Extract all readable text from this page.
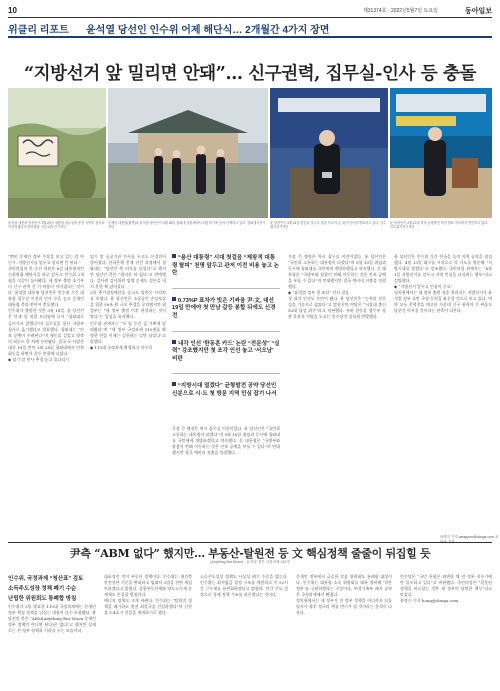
10	제31374호 · 2022년5월7일 토요일	동아일보
위클리 리포트 윤석열 당선인 인수위 어제 해단식… 2개월간 4가지 장면
“지방선거 앞 밀리면 안돼”… 신구권력, 집무실-인사 등 충돌
윤석열 대통령 당선인이 3월 20일 대통령 집무실을 용산 국방부 청사로 이전하겠다고 발표했다. 인수위사진기자단
문재인 대통령(왼쪽)과 윤석열 당선인이 3월 28일 청와대 상춘재에서 회동하기에 앞서 산책하고 있다. 청와대사진기자단
윤 당선인이 4월 14일 한동훈 법무부 장관 후보자 등 내각 인선을 발표하고 있다. 인수위사진기자단
윤 당선인이 4월 13일 지역 균형발전 비전 발표 자리에서 발언하고 있다. 인수위사진기자단

“뻔히 문재인 정부 주장을 보고 있는 것 아닌가. 지방선거를 앞두고 밀리면 안 된다.”

국민의힘의 한 중진 의원은 6일 대통령직인수위원회 해단식을 하루 앞두고 인수위 2개월을 이같이 돌아봤다. 새 정부 출범 초기부터 신구 권력 간 기 싸움이 이어졌다는 것이다. 윤석열 대통령 당선인은 인수위 기간 대통령 집무실 이전과 인사 등을 놓고 문재인 대통령 측과 연이어 충돌했다.

인수위가 출범한 것은 3월 18일. 윤 당선인은 닷새 뒤 직접 브리핑에 나서 “청와대로 들어가지 않겠다”며 집무실을 용산 국방부 청사로 옮기겠다고 발표했다. 청와대는 “안보 공백이 우려된다”며 제동을 걸었고 양측의 회동도 한 차례 무산됐다. 결국 두 사람은 대선 19일 만인 3월 28일 청와대에서 만찬 회동을 하면서 갈등 봉합에 나섰다.

◆ 임기 말 인사·추경 놓고 줄다리기

임기 말 공공기관 인사를 두고도 신경전이 벌어졌다. 한국은행 총재 인선 과정에서 청와대는 “당선인 측 의사를 물었다”고 했지만 당선인 측은 “협의한 바 없다”고 반박했다. 감사원 감사위원 임명 문제도 결론을 내지 못한 채 넘어갔다.

2차 추가경정예산을 놓고도 양측은 시각차를 보였다. 윤 당선인은 소상공인 손실보상을 위한 50조 원 규모 추경을 공약했지만 현 정부는 “새 정부 출범 이후 편성하는 것이 맞다”는 입장을 유지했다.

인수위 관계자는 “두 달 동안 숨 가쁘게 달려왔다”며 “새 정부 국정과제 110개를 확정한 만큼 이제는 실천하는 일만 남았다”고 말했다.

◆ 110대 국정과제 확정하고 마무리

“용산 대통령” 시대 첫걸음 “제왕적 대통령 탈피” 천명 앞두고 관저 이전 비용 놓고 논란
0.73%P 표차가 빚은 기싸움 尹-文, 대선 19일 만에야 첫 만남 갈등 봉합 뒤에도 신경전
내각 인선 ‘한동훈 카드’ 논란 “전문성” “실력” 강조했지만 첫 조각 인선 놓고 ‘서오남’ 비판
“지방시대 열겠다” 균형발전 공약 당선인 신분으로 시·도 첫 방문 지역 민심 잡기 나서

가장 큰 쟁점은 역시 집무실 이전이었다. 윤 당선인은 “국민과 소통하는 대통령이 되겠다”며 5월 10일 취임과 동시에 청와대를 국민에게 개방하겠다고 약속했다. 문 대통령은 “국방부와 합참이 연쇄 이동하는 것은 안보 공백을 부를 수 있다”며 반대했지만 결국 예비비 지출을 의결했다.

가장 큰 쟁점은 역시 집무실 이전이었다. 윤 당선인은 “국민과 소통하는 대통령이 되겠다”며 5월 10일 취임과 동시에 청와대를 국민에게 개방하겠다고 약속했다. 문 대통령은 “국방부와 합참이 연쇄 이동하는 것은 안보 공백을 부를 수 있다”며 반대했지만 결국 예비비 지출을 의결했다.

◆ “윤석열 정부 첫 조각” 인사 잡음

첫 내각 인선도 논란이 됐다. 윤 당선인은 “능력과 전문성을 기준으로 삼았다”고 밝혔지만 야당은 “서울대 출신 50대 남성 위주”라고 비판했다. 특히 한동훈 법무부 장관 후보자 지명을 두고는 민주당이 강하게 반발했다.

윤 당선인은 인수위 기간 전국을 돌며 지역 공약을 점검했다. 4월 13일 대구를 시작으로 각 시도를 방문해 “지방시대를 열겠다”고 강조했다. 국민의힘 관계자는 “6월 1일 지방선거를 앞두고 지역 민심을 다지려는 행보”라고 설명했다.

◆ “지방선거 앞두고 민심이 중요”

정치권에서는 새 정부 출범 직후 치러지는 지방선거가 윤석열 정부 초반 국정 동력을 좌우할 것으로 보고 있다. 여야 모두 총력전을 예고한 가운데 신구 권력의 기 싸움도 당분간 이어질 것이라는 관측이 나온다.

문병기 기자 weappon@donga.com 조
尹측 “ABM 없다” 했지만… 부동산-탈원전 등 文 핵심정책 줄줄이 뒤집힐 듯
(Anything But Moon) · 윤석열 정부 국정과제 110개
인수위, 국정과제 “청산표” 검토
소득주도성장 정책 폐기 수순
난립한 위원회도 통폐합 방침

인수위가 3일 발표한 110대 국정과제에는 문재인 정부 핵심 정책을 뒤집는 내용이 다수 포함됐다. 윤 당선인 측은 “ABM(Anything But Moon·문재인 정부 정책만 아니면 된다)은 없다”고 했지만 실제로는 전 정부 정책과 거리를 두는 모습이다.

대표적인 것이 부동산 정책이다. 인수위는 재건축 안전진단 기준을 완화하고 임대차 3법을 전면 재검토하겠다고 밝혔다. 종합부동산세와 양도소득세 등 세제도 손질할 방침이다.

에너지 정책도 크게 바뀐다. 인수위는 “탈원전 정책을 폐기하고 원전 최강국을 건설하겠다”며 신한울 3·4호기 건설을 재개하기로 했다.

소득주도성장 정책도 사실상 폐기 수순을 밟는다. 인수위는 최저임금 결정 구조를 개편하고 주 52시간 근무제를 유연화하겠다고 밝혔다. 민간 주도 성장으로 경제 정책 기조를 바꾸겠다는 것이다.

문재인 정부에서 급증한 각종 위원회도 통폐합 대상이다. 인수위는 대통령 소속 위원회를 대폭 정비해 ‘작은 정부’를 구현하겠다는 구상이다. 여성가족부 폐지 공약은 국정과제에서 빠졌다.

정치권에서는 새 정부가 전 정부 정책을 어디까지 되돌릴지가 향후 정국의 핵심 변수가 될 것이라는 분석이 나온다.

민주당은 “국민 통합은 외면한 채 전 정부 지우기에만 몰두하고 있다”고 비판했다. 국민의힘은 “잘못된 정책을 바로잡는 것은 새 정부의 당연한 책무”라고 맞섰다.

홍정수 기자 hong@donga.com
